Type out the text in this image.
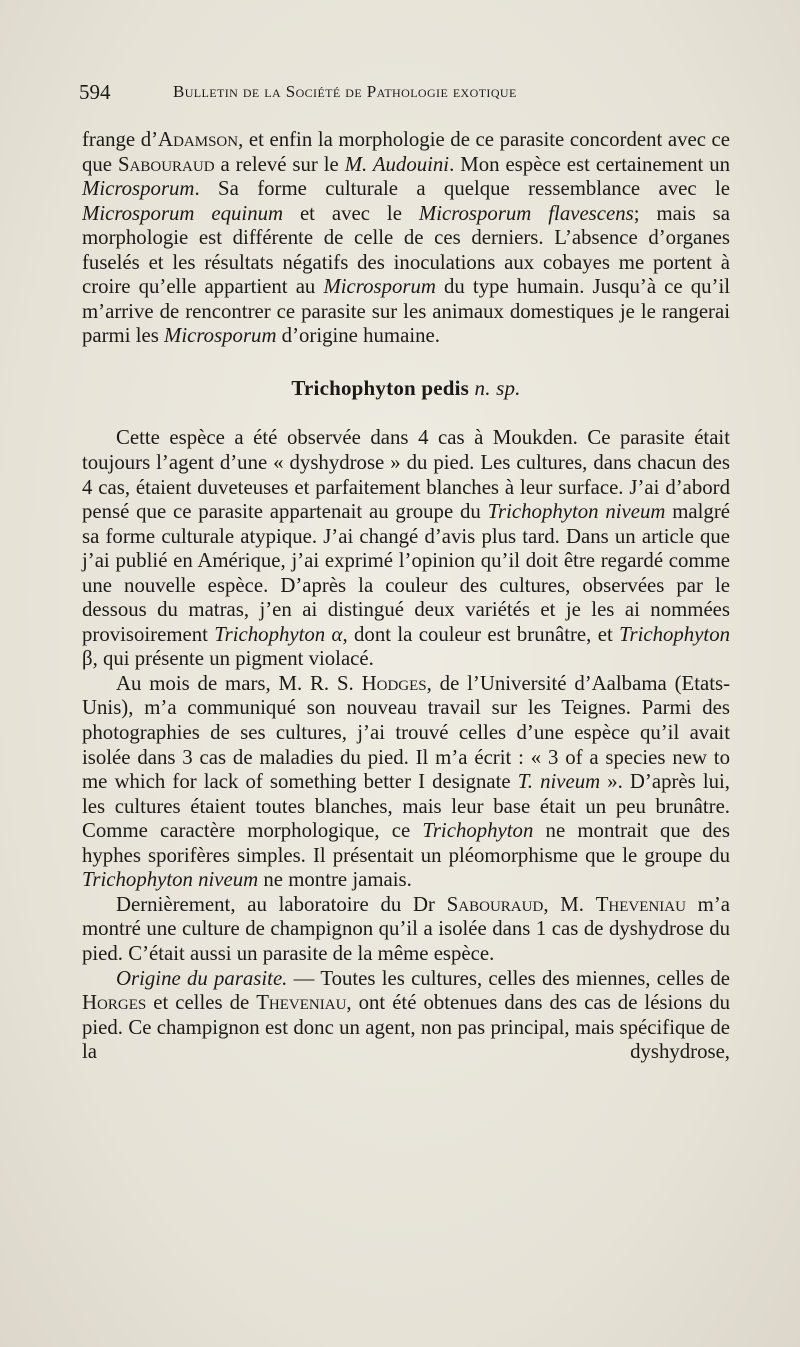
594	Bulletin de la Société de Pathologie exotique

frange d’Adamson, et enfin la morphologie de ce parasite concordent avec ce que Sabouraud a relevé sur le M. Audouini. Mon espèce est certainement un Microsporum. Sa forme culturale a quelque ressemblance avec le Microsporum equinum et avec le Microsporum flavescens; mais sa morphologie est différente de celle de ces derniers. L’absence d’organes fuselés et les résultats négatifs des inoculations aux cobayes me portent à croire qu’elle appartient au Microsporum du type humain. Jusqu’à ce qu’il m’arrive de rencontrer ce parasite sur les animaux domestiques je le rangerai parmi les Microsporum d’origine humaine.

Trichophyton pedis n. sp.

Cette espèce a été observée dans 4 cas à Moukden. Ce parasite était toujours l’agent d’une « dyshydrose » du pied. Les cultures, dans chacun des 4 cas, étaient duveteuses et parfaitement blanches à leur surface. J’ai d’abord pensé que ce parasite appartenait au groupe du Trichophyton niveum malgré sa forme culturale atypique. J’ai changé d’avis plus tard. Dans un article que j’ai publié en Amérique, j’ai exprimé l’opinion qu’il doit être regardé comme une nouvelle espèce. D’après la couleur des cultures, observées par le dessous du matras, j’en ai distingué deux variétés et je les ai nommées provisoirement Trichophyton α, dont la couleur est brunâtre, et Trichophyton β, qui présente un pigment violacé.

Au mois de mars, M. R. S. Hodges, de l’Université d’Aalbama (Etats-Unis), m’a communiqué son nouveau travail sur les Teignes. Parmi des photographies de ses cultures, j’ai trouvé celles d’une espèce qu’il avait isolée dans 3 cas de maladies du pied. Il m’a écrit : « 3 of a species new to me which for lack of something better I designate T. niveum ». D’après lui, les cultures étaient toutes blanches, mais leur base était un peu brunâtre. Comme caractère morphologique, ce Trichophyton ne montrait que des hyphes sporifères simples. Il présentait un pléomorphisme que le groupe du Trichophyton niveum ne montre jamais.

Dernièrement, au laboratoire du Dr Sabouraud, M. Theveniau m’a montré une culture de champignon qu’il a isolée dans 1 cas de dyshydrose du pied. C’était aussi un parasite de la même espèce.

Origine du parasite. — Toutes les cultures, celles des miennes, celles de Horges et celles de Theveniau, ont été obtenues dans des cas de lésions du pied. Ce champignon est donc un agent, non pas principal, mais spécifique de la dyshydrose,
